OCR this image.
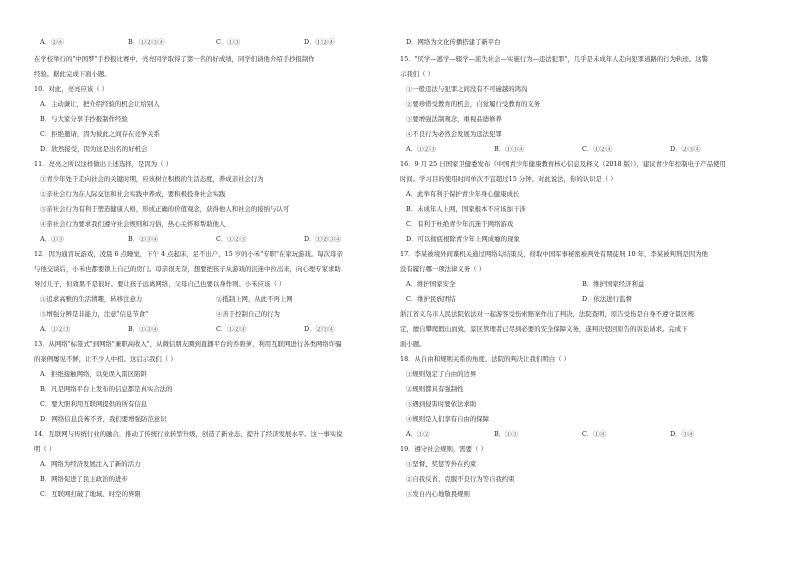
A．②④	B．①②③④	C．①③	D．①②④
在学校举行的"中国梦"手抄报比赛中，亮亮同学取得了第一名的好成绩，同学们请他介绍手抄报制作
经验。据此完成下面小题。
10．对此，亮亮应该（ ）
A．主动谦让，把介绍经验的机会让给别人
B．与大家分享手抄报制作经验
C．拒绝邀请，因为彼此之间存在竞争关系
D．欣然接受，因为这是出名的好机会
11．亮亮之所以这样做出上述选择，是因为（ ）
①青少年处于走向社会的关键时期，应该树立积极的生活态度，养成亲社会行为
②亲社会行为在人际交往和社会实践中养成，要积极投身社会实践
③亲社会行为有利于塑造健康人格，形成正确的价值观念，获得他人和社会的接纳与认可
④亲社会行为要求我们遵守社会规则和习俗，热心关怀和帮助他人
A．①③	B．②③④	C．①②③	D．①②③④
12．因为通宵玩游戏，凌晨 6 点睡觉，下午 4 点起床，足不出户，15 岁的小禾"专职"在家玩游戏。每次母亲
与他交谈后，小禾也都要锁上自己的房门。母亲很无奈，想要把孩子从游戏的沉迷中拉出来，向心理专家求助
导过儿子，但效果不是很好。要让孩子远离网络，父母自己也要以身作则。小禾应该（ ）
①追求高雅的生活情趣，转移注意力	②抵制上网，从此不再上网
③增强分辨是非能力，注意"信息节食"	④善于控制自己的行为
A．①②③	B．①③④	C．①②④	D．②③④
13．从网络"标签式"到网络"兼职高收入"，从微信朋友圈到直播平台的乔碧萝，利用互联网进行各类网络诈骗
的案例屡见不鲜，让不少人中招。这启示我们（ ）
A．拒绝接触网络，以免误入雷区陷阱
B．凡是网络平台上发布的信息都是真实合法的
C．要大胆利用互联网提供的所有信息
D．网络信息良莠不齐，我们要增强防范意识
14．互联网与传统行业的融合，推动了传统行业转型升级，创造了新业态，提升了经济发展水平。这一事实说
明（ ）
A．网络为经济发展注入了新的活力
B．网络促进了民主政治的进步
C．互联网打破了地域、时空的界限
D．网络为文化传播搭建了新平台
15．"厌学—逃学—辍学—流失社会—实施行为—违法犯罪"，几乎是未成年人走向犯罪道路的行为轨迹。这警
示我们（ ）
①一般违法与犯罪之间没有不可逾越的鸿沟
②要珍惜受教育的机会，自觉履行受教育的义务
③要增强法制观念，重视品德修养
④不良行为必然会发展为违法犯罪
A．①②③	B．①③④	C．①②④	D．②③④
16．9 月 25 日国家卫健委发布《中国青少年健康教育核心信息及释义（2018 版）》，建议青少年控制电子产品使用
时间。学习目的使用时间单次不宜超过15 分钟。对此说法，你的认识是（ ）
A．此举有利于保护青少年身心健康成长
B．未成年人上网，国家根本不应该加干涉
C．有利于杜绝青少年沉迷于网络游戏
D．可以彻底根除青少年上网成瘾的现象
17．李某被境外间谍机关通过网络勾结策反，窃取中国军事秘密被判处有期徒刑 10 年，李某被判刑是因为他
没有履行哪一项法律义务（ ）
A．维护国家安全	B．维护国家经济利益
C．维护民族团结	D．依法进行监督
浙江省义乌市人民法院依法对一起游客受伤索赔案作出了判决，法院查明，原告受伤是自身不遵守景区规
定，擅自攀爬假山而致，景区管理者已尽到必要的安全保障义务，遂判决驳回原告的诉讼请求。完成下
面小题。
18．从自由和规则关系的角度，法院的判决让我们明白（ ）
①规则划定了自由的边界
②规则都具有强制性
③遇到侵害时要依法求助
④规则是人们享有自由的保障
A．①②	B．①③	C．①④	D．③④
19．遵守社会规则，需要（ ）
①坚督、奖惩等外在约束
②自我反省、克服不良行为等自我约束
③发自内心地敬畏规则
